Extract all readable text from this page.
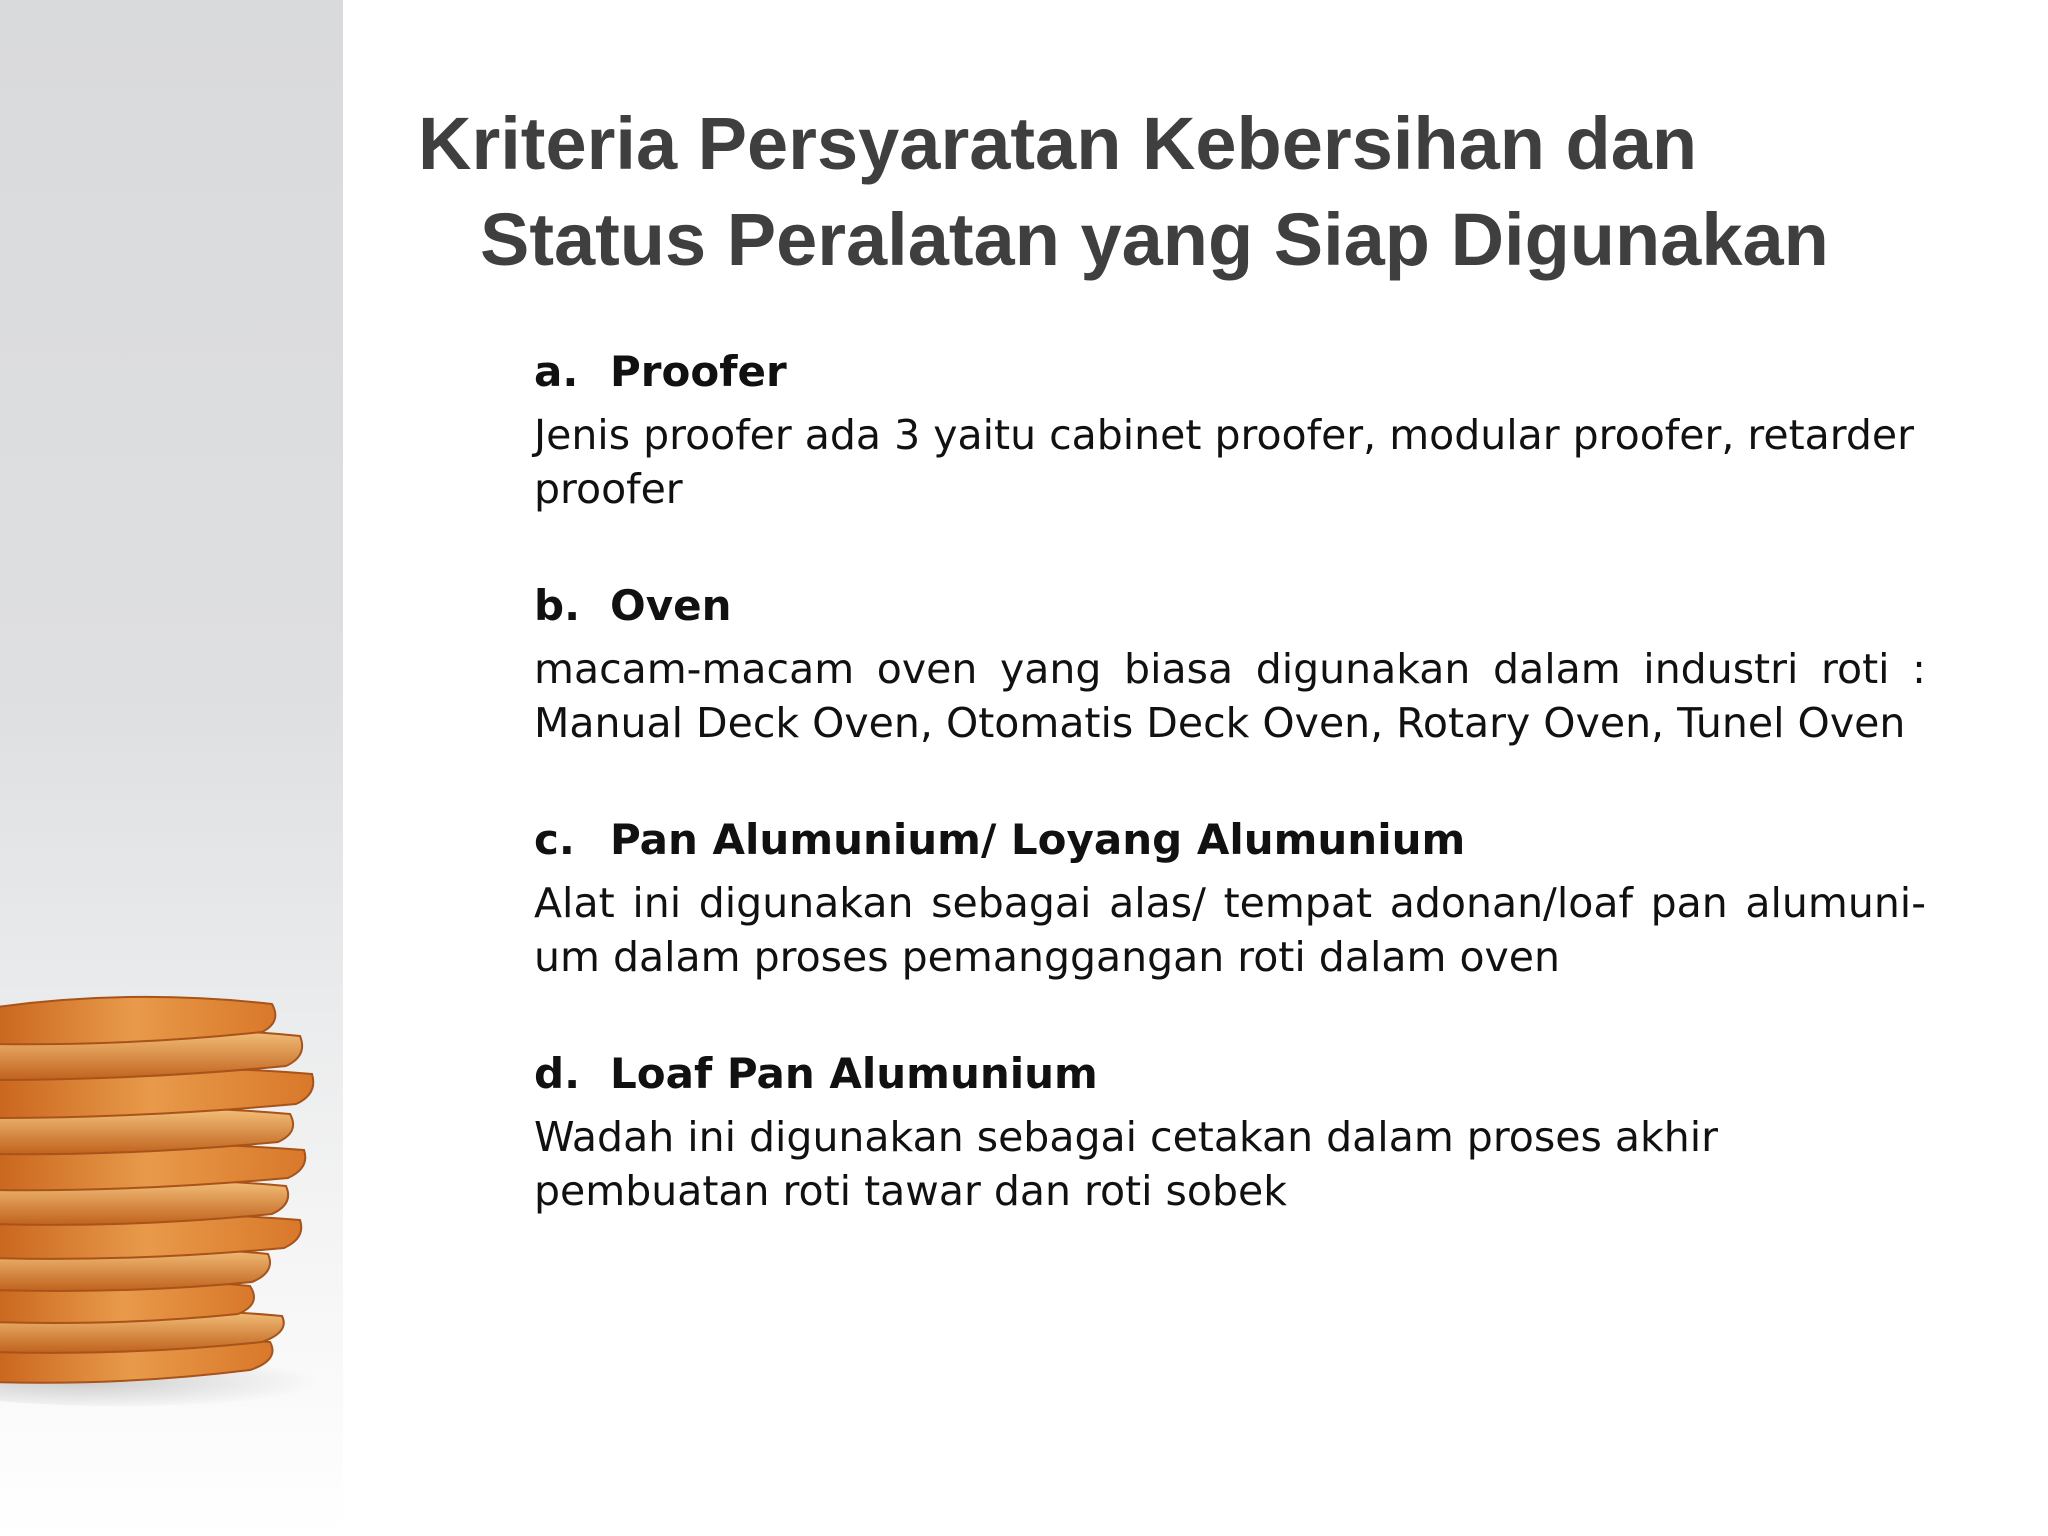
Kriteria Persyaratan Kebersihan dan
Status Peralatan yang Siap Digunakan
a. Proofer
Jenis proofer ada 3 yaitu cabinet proofer, modular proofer, retarder proofer
b. Oven
macam-macam oven yang biasa digunakan dalam industri roti : Manual Deck Oven, Otomatis Deck Oven, Rotary Oven, Tunel Oven
c. Pan Alumunium/ Loyang Alumunium
Alat ini digunakan sebagai alas/ tempat adonan/loaf pan alumuni-um dalam proses pemanggangan roti dalam oven
d. Loaf Pan Alumunium
Wadah ini digunakan sebagai cetakan dalam proses akhir pembuatan roti tawar dan roti sobek
